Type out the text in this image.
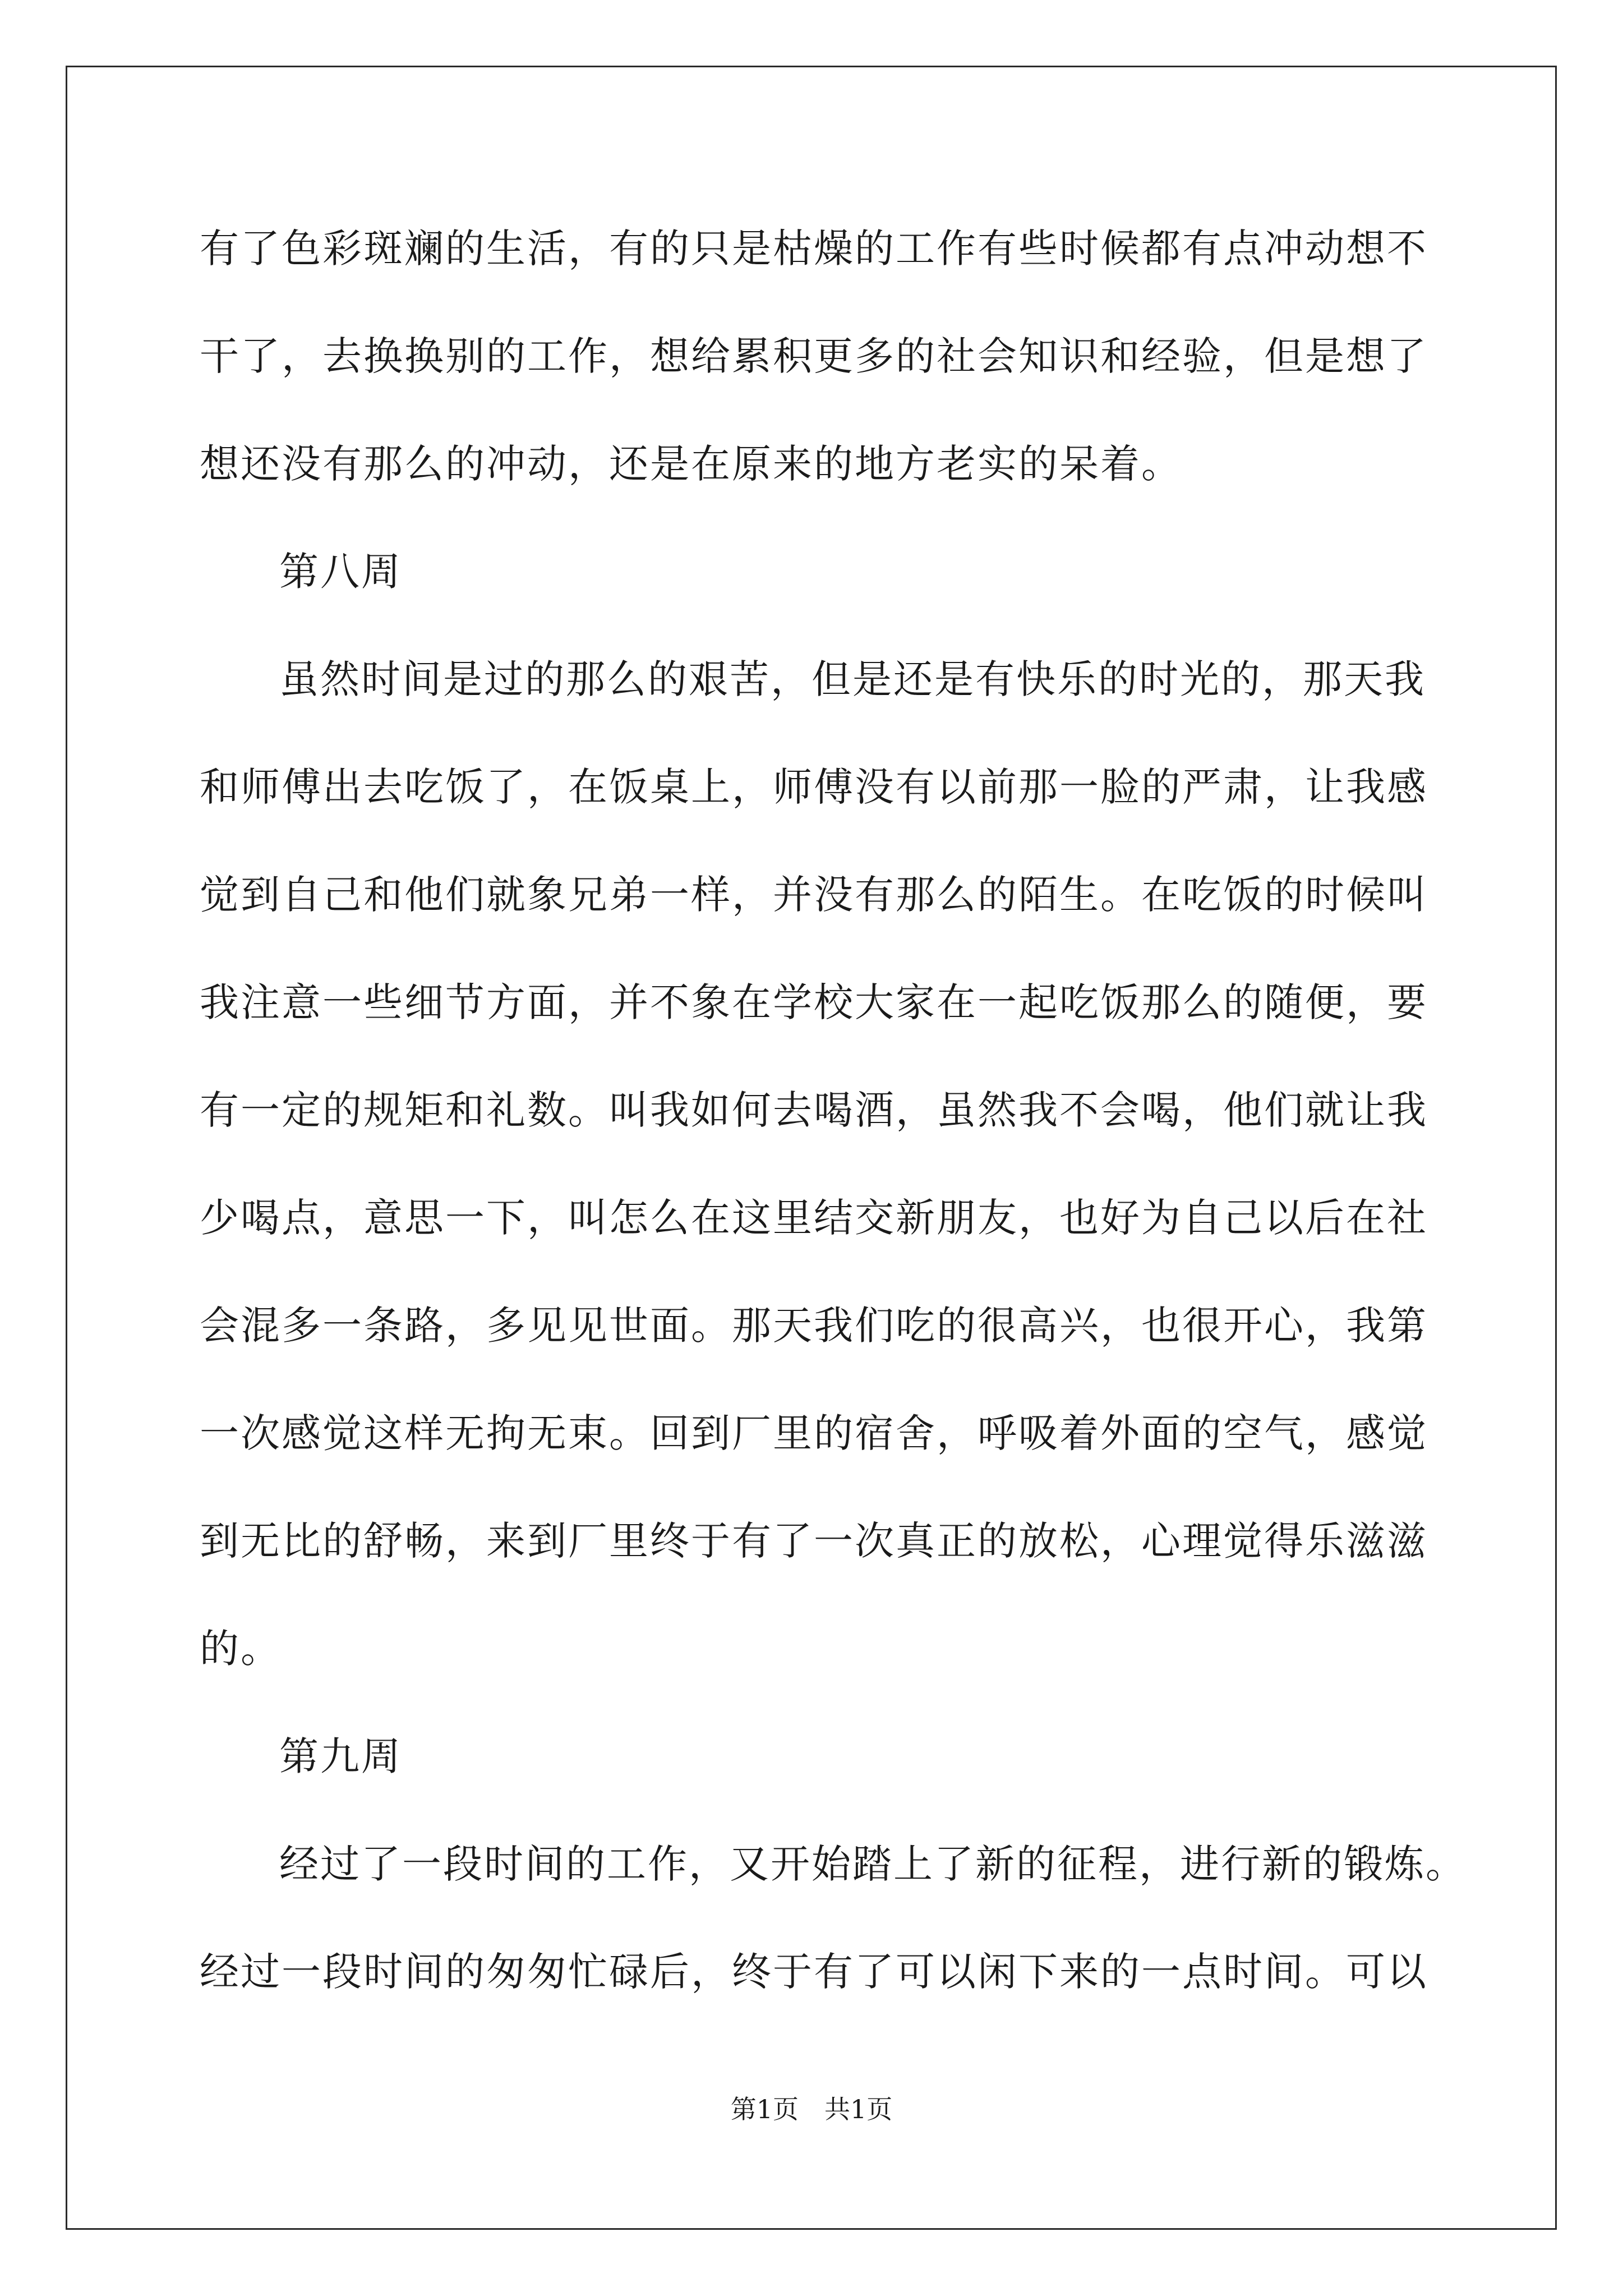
有了色彩斑斓的生活，有的只是枯燥的工作有些时候都有点冲动想不
干了，去换换别的工作，想给累积更多的社会知识和经验，但是想了
想还没有那么的冲动，还是在原来的地方老实的呆着。
第八周
虽然时间是过的那么的艰苦，但是还是有快乐的时光的，那天我
和师傅出去吃饭了，在饭桌上，师傅没有以前那一脸的严肃，让我感
觉到自己和他们就象兄弟一样，并没有那么的陌生。在吃饭的时候叫
我注意一些细节方面，并不象在学校大家在一起吃饭那么的随便，要
有一定的规矩和礼数。叫我如何去喝酒，虽然我不会喝，他们就让我
少喝点，意思一下，叫怎么在这里结交新朋友，也好为自己以后在社
会混多一条路，多见见世面。那天我们吃的很高兴，也很开心，我第
一次感觉这样无拘无束。回到厂里的宿舍，呼吸着外面的空气，感觉
到无比的舒畅，来到厂里终于有了一次真正的放松，心理觉得乐滋滋
的。
第九周
经过了一段时间的工作，又开始踏上了新的征程，进行新的锻炼。
经过一段时间的匆匆忙碌后，终于有了可以闲下来的一点时间。可以
第1页　共1页
